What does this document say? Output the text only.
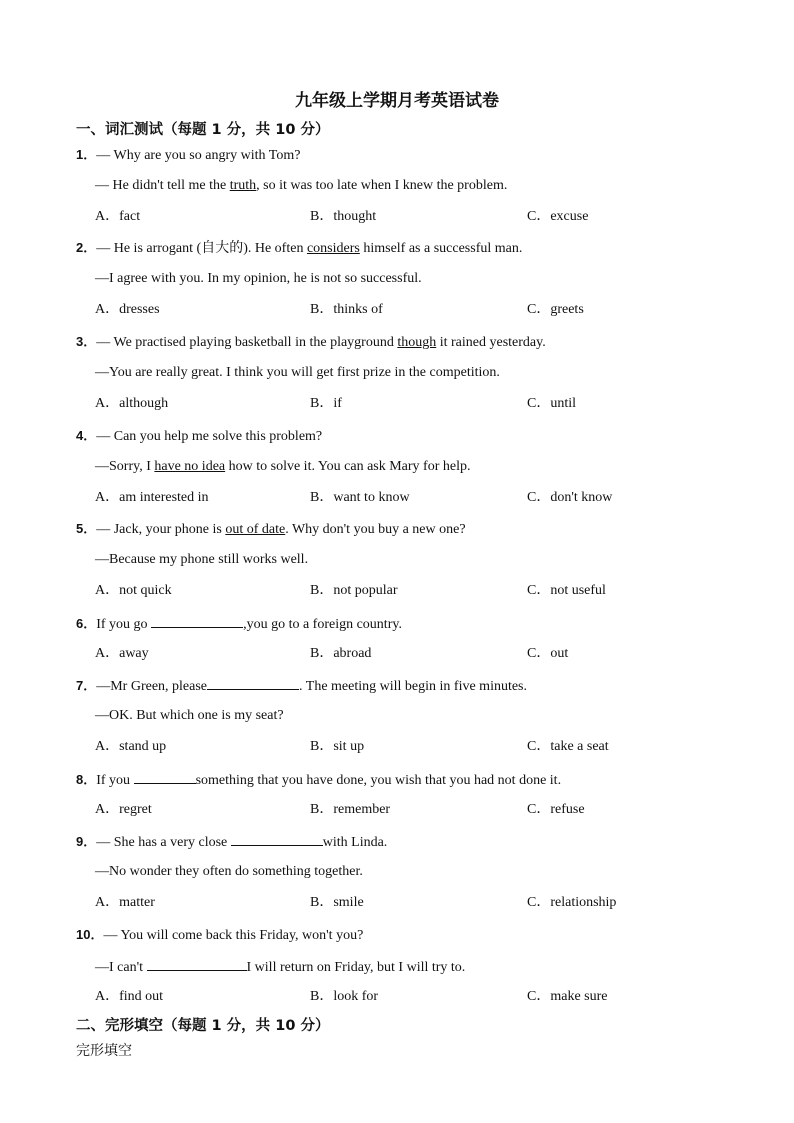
九年级上学期月考英语试卷
一、词汇测试（每题 1 分，共 10 分）
1．— Why are you so angry with Tom?
— He didn't tell me the truth, so it was too late when I knew the problem.
A．fact	B．thought	C．excuse
2．— He is arrogant (自大的). He often considers himself as a successful man.
—I agree with you. In my opinion, he is not so successful.
A．dresses	B．thinks of	C．greets
3．— We practised playing basketball in the playground though it rained yesterday.
—You are really great. I think you will get first prize in the competition.
A．although	B．if	C．until
4．— Can you help me solve this problem?
—Sorry, I have no idea how to solve it. You can ask Mary for help.
A．am interested in	B．want to know	C．don't know
5．— Jack, your phone is out of date. Why don't you buy a new one?
—Because my phone still works well.
A．not quick	B．not popular	C．not useful
6．If you go	,you go to a foreign country.
A．away	B．abroad	C．out
7．—Mr Green, please	. The meeting will begin in five minutes.
—OK. But which one is my seat?
A．stand up	B．sit up	C．take a seat
8．If you	something that you have done, you wish that you had not done it.
A．regret	B．remember	C．refuse
9．— She has a very close	with Linda.
—No wonder they often do something together.
A．matter	B．smile	C．relationship
10．— You will come back this Friday, won't you?
—I can't	I will return on Friday, but I will try to.
A．find out	B．look for	C．make sure
二、完形填空（每题 1 分，共 10 分）
完形填空
